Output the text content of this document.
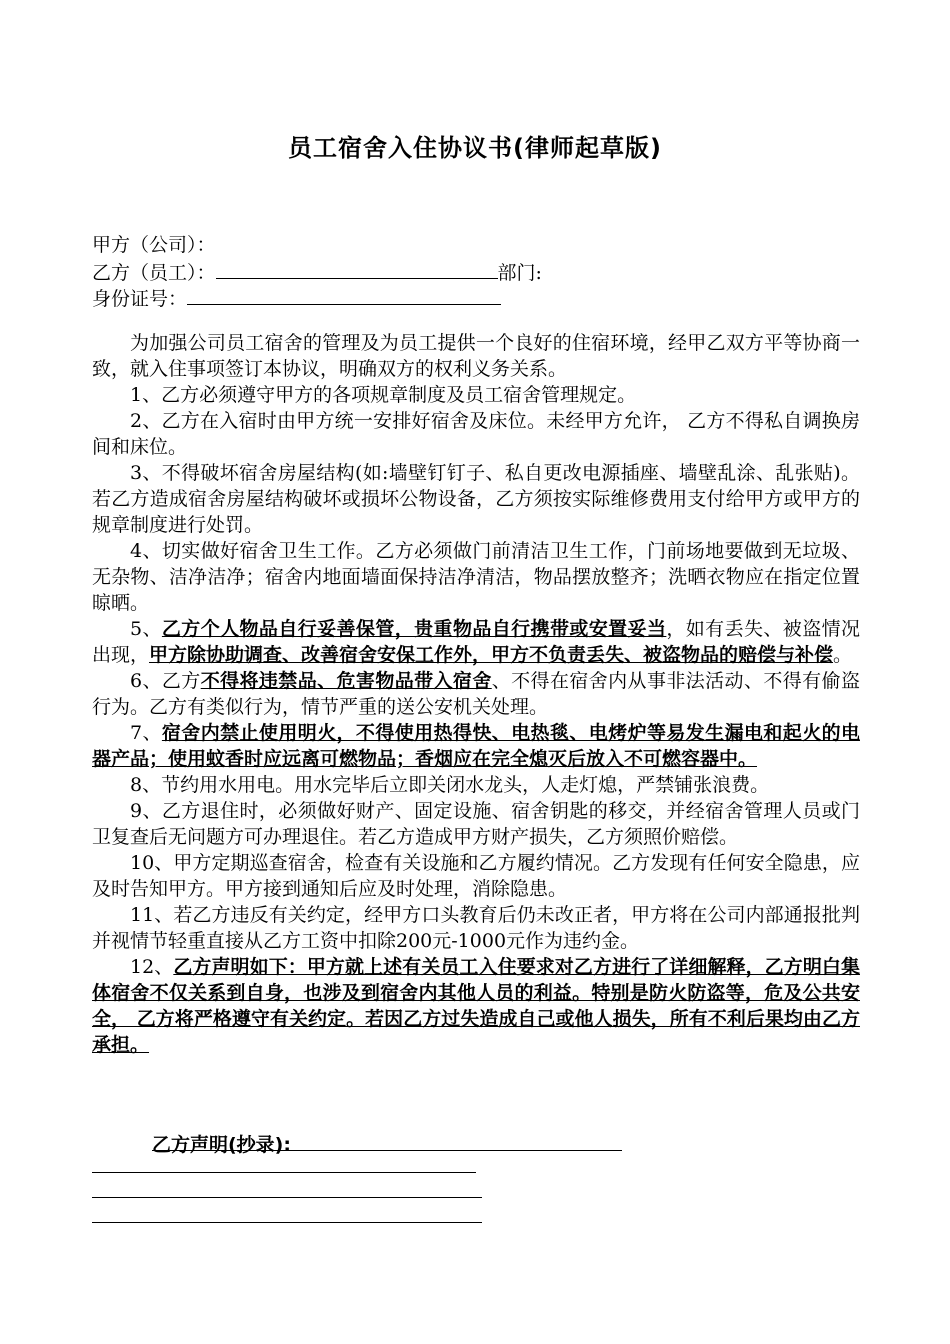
员工宿舍入住协议书(律师起草版)
甲方（公司）：
乙方（员工）：	部门:
身份证号：

为加强公司员工宿舍的管理及为员工提供一个良好的住宿环境，经甲乙双方平等协商一致，就入住事项签订本协议，明确双方的权利义务关系。

1、乙方必须遵守甲方的各项规章制度及员工宿舍管理规定。

2、乙方在入宿时由甲方统一安排好宿舍及床位。未经甲方允许， 乙方不得私自调换房间和床位。

3、不得破坏宿舍房屋结构(如:墙壁钉钉子、私自更改电源插座、墙壁乱涂、乱张贴)。若乙方造成宿舍房屋结构破坏或损坏公物设备，乙方须按实际维修费用支付给甲方或甲方的规章制度进行处罚。

4、切实做好宿舍卫生工作。乙方必须做门前清洁卫生工作，门前场地要做到无垃圾、无杂物、洁净洁净；宿舍内地面墙面保持洁净清洁，物品摆放整齐；洗晒衣物应在指定位置晾晒。

5、乙方个人物品自行妥善保管，贵重物品自行携带或安置妥当，如有丢失、被盗情况出现，甲方除协助调查、改善宿舍安保工作外，甲方不负责丢失、被盗物品的赔偿与补偿。

6、乙方不得将违禁品、危害物品带入宿舍、不得在宿舍内从事非法活动、不得有偷盗行为。乙方有类似行为，情节严重的送公安机关处理。

7、宿舍内禁止使用明火，不得使用热得快、电热毯、电烤炉等易发生漏电和起火的电器产品；使用蚊香时应远离可燃物品；香烟应在完全熄灭后放入不可燃容器中。

8、节约用水用电。用水完毕后立即关闭水龙头，人走灯熄，严禁铺张浪费。

9、乙方退住时，必须做好财产、固定设施、宿舍钥匙的移交，并经宿舍管理人员或门卫复查后无问题方可办理退住。若乙方造成甲方财产损失，乙方须照价赔偿。

10、甲方定期巡查宿舍，检查有关设施和乙方履约情况。乙方发现有任何安全隐患，应及时告知甲方。甲方接到通知后应及时处理，消除隐患。

11、若乙方违反有关约定，经甲方口头教育后仍未改正者，甲方将在公司内部通报批判并视情节轻重直接从乙方工资中扣除200元-1000元作为违约金。

12、乙方声明如下：甲方就上述有关员工入住要求对乙方进行了详细解释，乙方明白集体宿舍不仅关系到自身，也涉及到宿舍内其他人员的利益。特别是防火防盗等，危及公共安全， 乙方将严格遵守有关约定。若因乙方过失造成自己或他人损失，所有不利后果均由乙方承担。

乙方声明(抄录):
